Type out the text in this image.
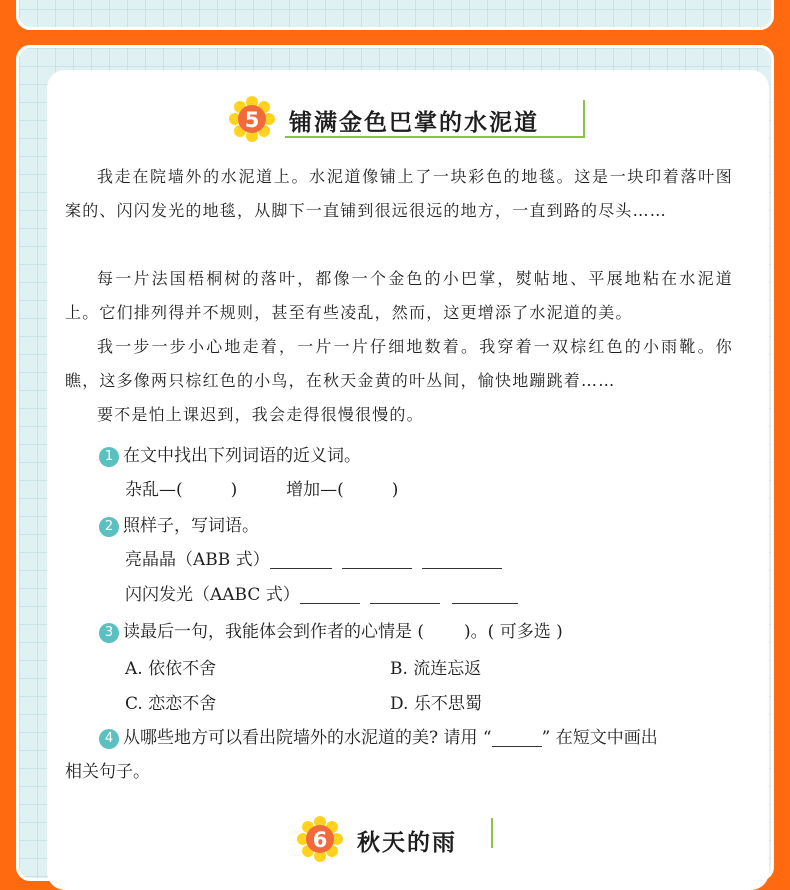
5 铺满金色巴掌的水泥道
我走在院墙外的水泥道上。水泥道像铺上了一块彩色的地毯。这是一块印着落叶图案的、闪闪发光的地毯，从脚下一直铺到很远很远的地方，一直到路的尽头……
每一片法国梧桐树的落叶，都像一个金色的小巴掌，熨帖地、平展地粘在水泥道上。它们排列得并不规则，甚至有些凌乱，然而，这更增添了水泥道的美。
我一步一步小心地走着，一片一片仔细地数着。我穿着一双棕红色的小雨靴。你瞧，这多像两只棕红色的小鸟，在秋天金黄的叶丛间，愉快地蹦跳着……
要不是怕上课迟到，我会走得很慢很慢的。
1 在文中找出下列词语的近义词。
杂乱—(	)	增加—(	)
2 照样子，写词语。
亮晶晶（ABB 式）
闪闪发光（AABC 式）
3 读最后一句，我能体会到作者的心情是 ( )。( 可多选 )
A. 依依不舍	B. 流连忘返
C. 恋恋不舍	D. 乐不思蜀
4 从哪些地方可以看出院墙外的水泥道的美? 请用 “	” 在短文中画出
相关句子。
6 秋天的雨
